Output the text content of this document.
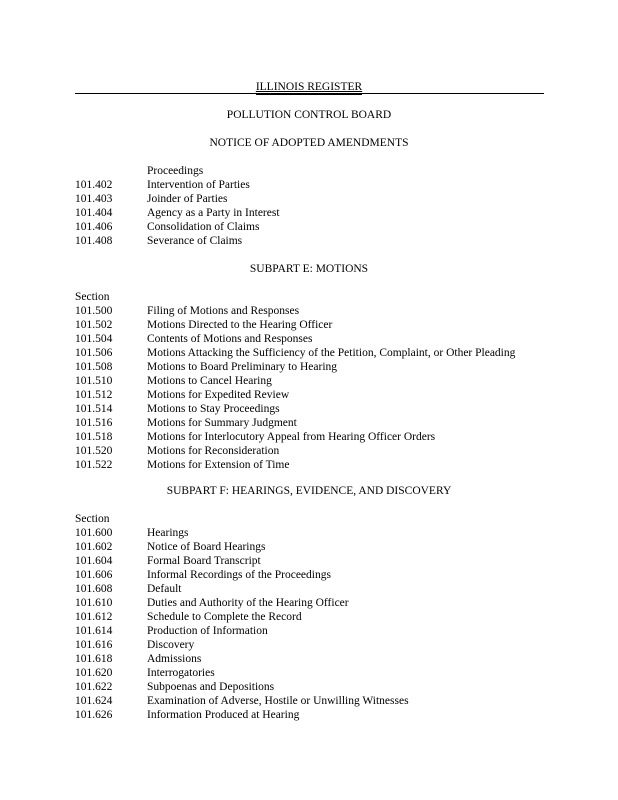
ILLINOIS REGISTER
POLLUTION CONTROL BOARD
NOTICE OF ADOPTED AMENDMENTS
Proceedings
101.402	Intervention of Parties
101.403	Joinder of Parties
101.404	Agency as a Party in Interest
101.406	Consolidation of Claims
101.408	Severance of Claims
SUBPART E: MOTIONS
Section
101.500	Filing of Motions and Responses
101.502	Motions Directed to the Hearing Officer
101.504	Contents of Motions and Responses
101.506	Motions Attacking the Sufficiency of the Petition, Complaint, or Other Pleading
101.508	Motions to Board Preliminary to Hearing
101.510	Motions to Cancel Hearing
101.512	Motions for Expedited Review
101.514	Motions to Stay Proceedings
101.516	Motions for Summary Judgment
101.518	Motions for Interlocutory Appeal from Hearing Officer Orders
101.520	Motions for Reconsideration
101.522	Motions for Extension of Time
SUBPART F: HEARINGS, EVIDENCE, AND DISCOVERY
Section
101.600	Hearings
101.602	Notice of Board Hearings
101.604	Formal Board Transcript
101.606	Informal Recordings of the Proceedings
101.608	Default
101.610	Duties and Authority of the Hearing Officer
101.612	Schedule to Complete the Record
101.614	Production of Information
101.616	Discovery
101.618	Admissions
101.620	Interrogatories
101.622	Subpoenas and Depositions
101.624	Examination of Adverse, Hostile or Unwilling Witnesses
101.626	Information Produced at Hearing
